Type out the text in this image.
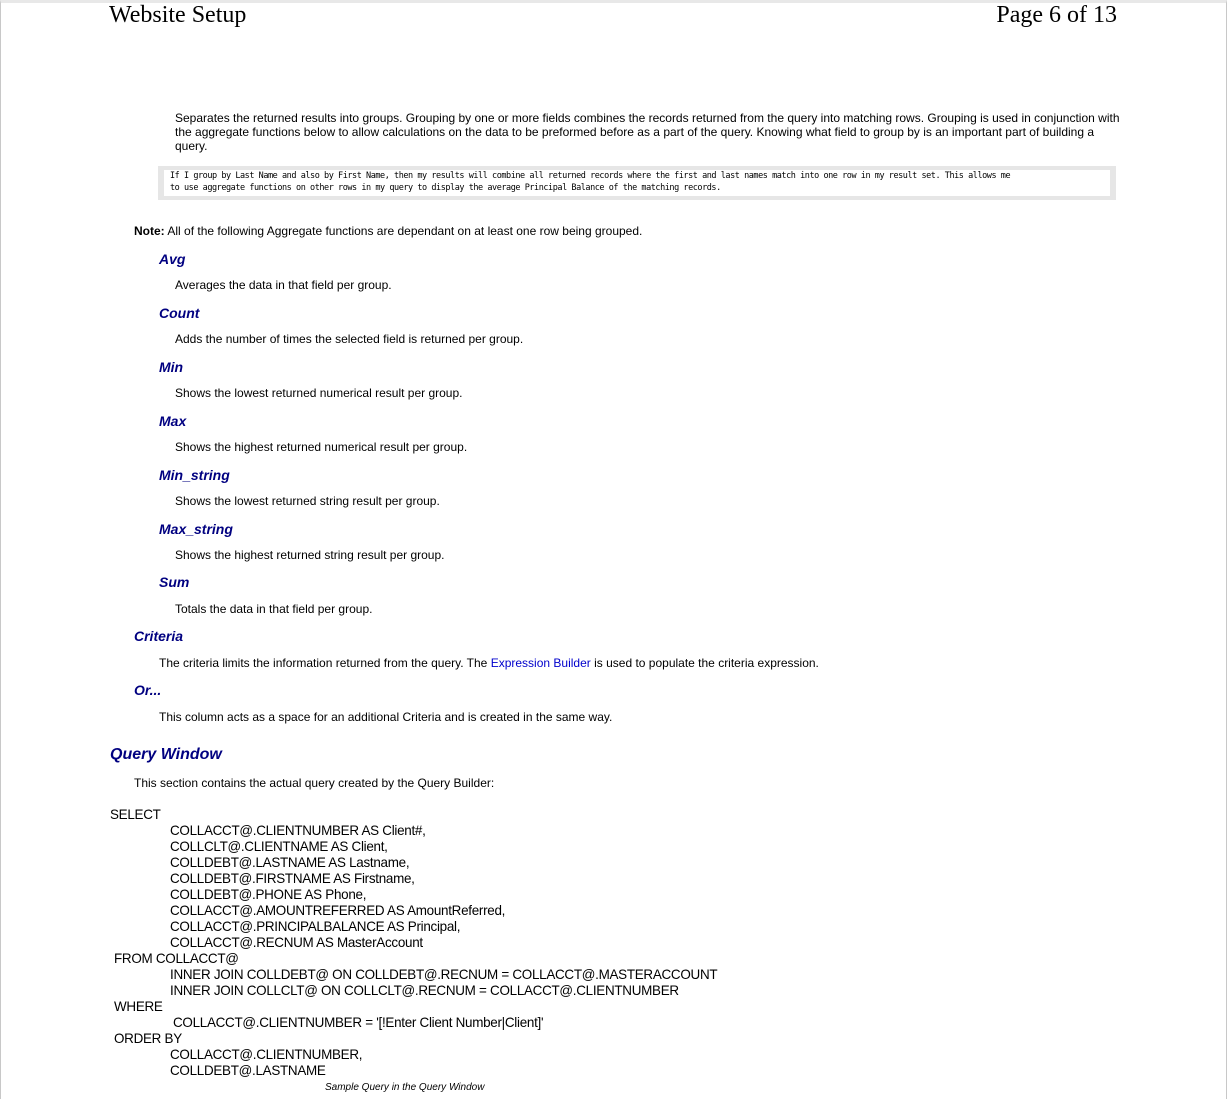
Website Setup	Page 6 of 13
Separates the returned results into groups. Grouping by one or more fields combines the records returned from the query into matching rows. Grouping is used in conjunction with the aggregate functions below to allow calculations on the data to be preformed before as a part of the query. Knowing what field to group by is an important part of building a query.
If I group by Last Name and also by First Name, then my results will combine all returned records where the first and last names match into one row in my result set. This allows me
to use aggregate functions on other rows in my query to display the average Principal Balance of the matching records.
Note: All of the following Aggregate functions are dependant on at least one row being grouped.
Avg
Averages the data in that field per group.
Count
Adds the number of times the selected field is returned per group.
Min
Shows the lowest returned numerical result per group.
Max
Shows the highest returned numerical result per group.
Min_string
Shows the lowest returned string result per group.
Max_string
Shows the highest returned string result per group.
Sum
Totals the data in that field per group.
Criteria
The criteria limits the information returned from the query. The Expression Builder is used to populate the criteria expression.
Or...
This column acts as a space for an additional Criteria and is created in the same way.
Query Window
This section contains the actual query created by the Query Builder:
SELECT
COLLACCT@.CLIENTNUMBER AS Client#,
COLLCLT@.CLIENTNAME AS Client,
COLLDEBT@.LASTNAME AS Lastname,
COLLDEBT@.FIRSTNAME AS Firstname,
COLLDEBT@.PHONE AS Phone,
COLLACCT@.AMOUNTREFERRED AS AmountReferred,
COLLACCT@.PRINCIPALBALANCE AS Principal,
COLLACCT@.RECNUM AS MasterAccount
FROM COLLACCT@
INNER JOIN COLLDEBT@ ON COLLDEBT@.RECNUM = COLLACCT@.MASTERACCOUNT
INNER JOIN COLLCLT@ ON COLLCLT@.RECNUM = COLLACCT@.CLIENTNUMBER
WHERE
COLLACCT@.CLIENTNUMBER = '[!Enter Client Number|Client]'
ORDER BY
COLLACCT@.CLIENTNUMBER,
COLLDEBT@.LASTNAME
Sample Query in the Query Window
